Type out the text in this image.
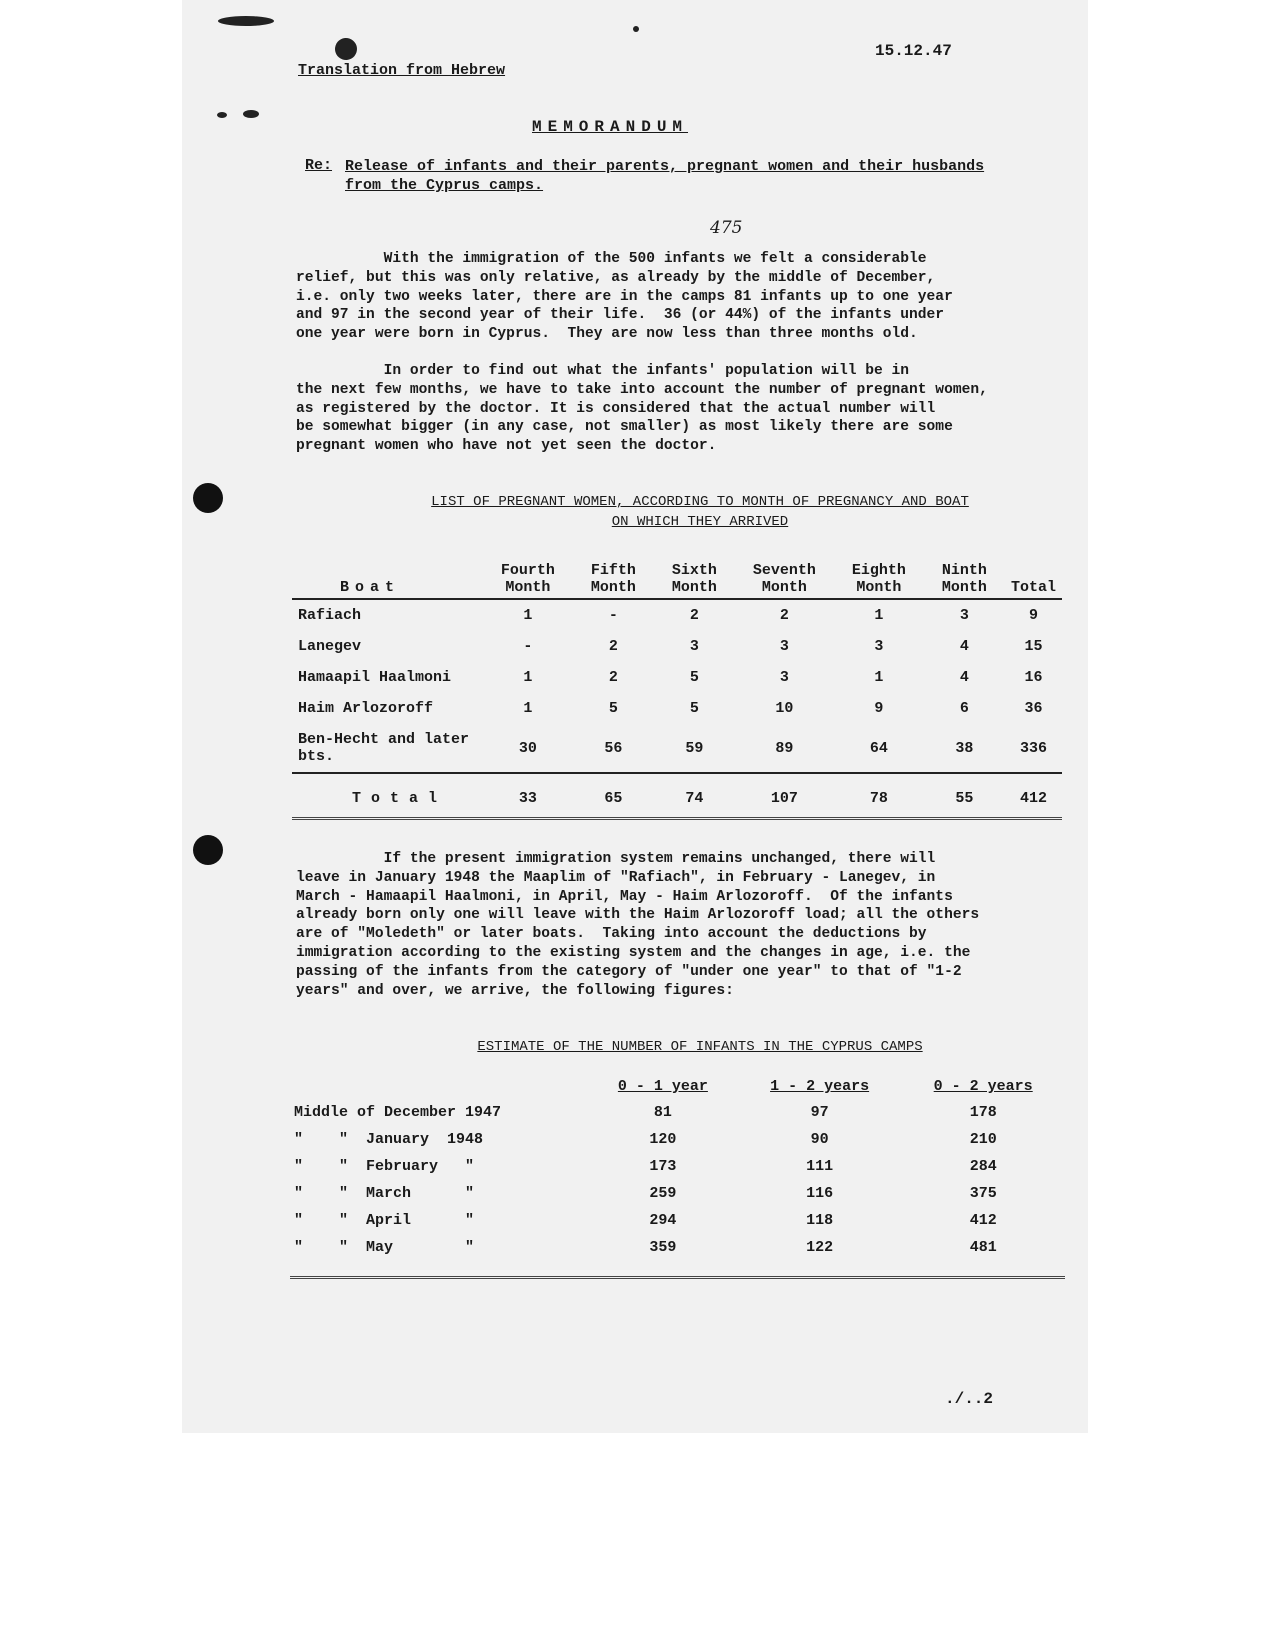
15.12.47
Translation from Hebrew
MEMORANDUM
Re: Release of infants and their parents, pregnant women and their husbands
from the Cyprus camps.
475
With the immigration of the 500 infants we felt a considerable
relief, but this was only relative, as already by the middle of December,
i.e. only two weeks later, there are in the camps 81 infants up to one year
and 97 in the second year of their life.  36 (or 44%) of the infants under
one year were born in Cyprus.  They are now less than three months old.
In order to find out what the infants' population will be in
the next few months, we have to take into account the number of pregnant women,
as registered by the doctor. It is considered that the actual number will
be somewhat bigger (in any case, not smaller) as most likely there are some
pregnant women who have not yet seen the doctor.
LIST OF PREGNANT WOMEN, ACCORDING TO MONTH OF PREGNANCY AND BOAT ON WHICH THEY ARRIVED
Boat	Fourth Month	Fifth Month	Sixth Month	Seventh Month	Eighth Month	Ninth Month	Total
Rafiach	1	-	2	2	1	3	9
Lanegev	-	2	3	3	3	4	15
Hamaapil Haalmoni	1	2	5	3	1	4	16
Haim Arlozoroff	1	5	5	10	9	6	36
Ben-Hecht and later bts.	30	56	59	89	64	38	336
Total	33	65	74	107	78	55	412
If the present immigration system remains unchanged, there will
leave in January 1948 the Maaplim of "Rafiach", in February - Lanegev, in
March - Hamaapil Haalmoni, in April, May - Haim Arlozoroff.  Of the infants
already born only one will leave with the Haim Arlozoroff load; all the others
are of "Moledeth" or later boats.  Taking into account the deductions by
immigration according to the existing system and the changes in age, i.e. the
passing of the infants from the category of "under one year" to that of "1-2
years" and over, we arrive, the following figures:
ESTIMATE OF THE NUMBER OF INFANTS IN THE CYPRUS CAMPS
	0 - 1 year	1 - 2 years	0 - 2 years
Middle of December 1947	81	97	178
"    "  January  1948	120	90	210
"    "  February   "	173	111	284
"    "  March      "	259	116	375
"    "  April      "	294	118	412
"    "  May        "	359	122	481
./..2
